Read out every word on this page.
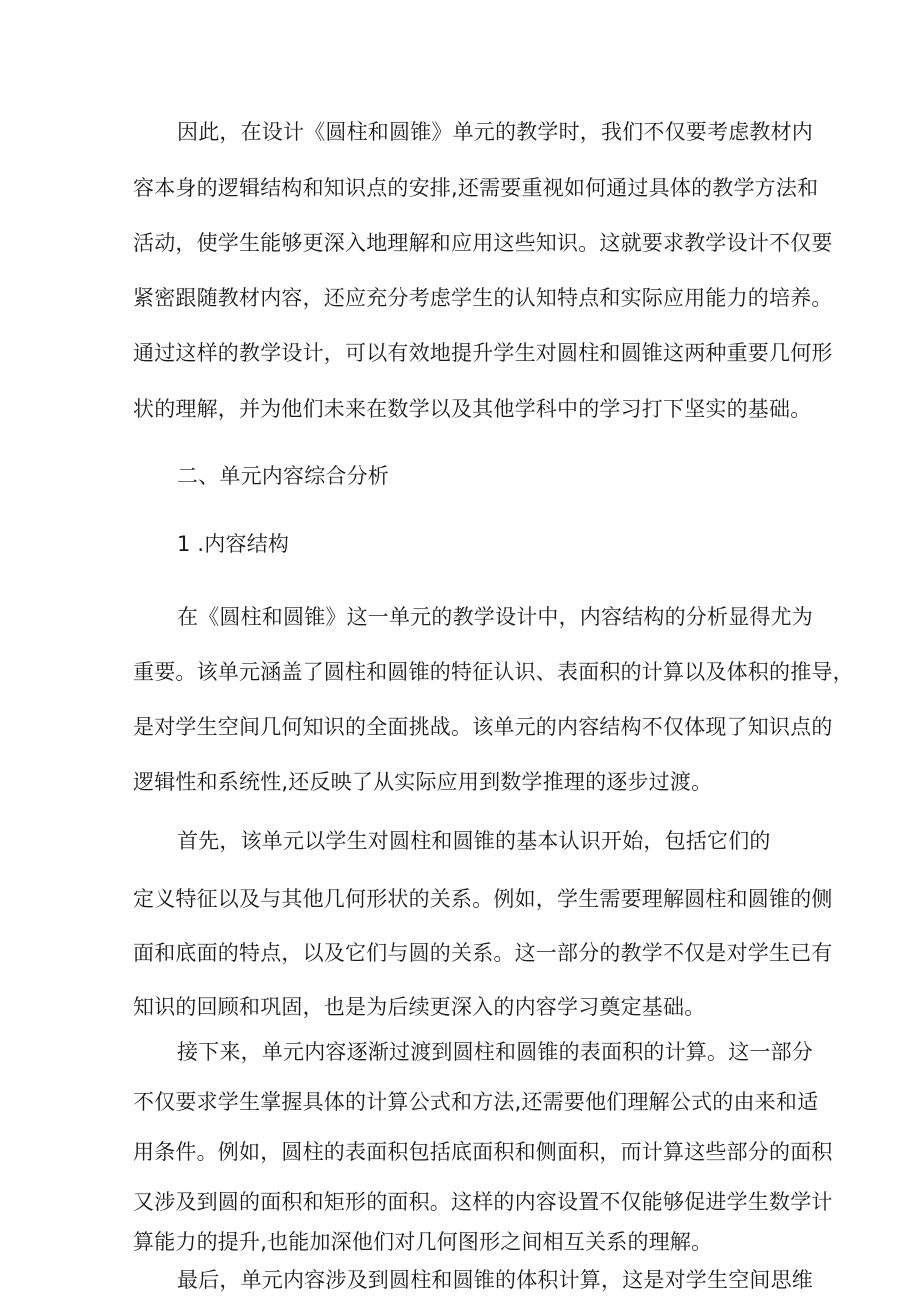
因此，在设计《圆柱和圆锥》单元的教学时，我们不仅要考虑教材内
容本身的逻辑结构和知识点的安排,还需要重视如何通过具体的教学方法和
活动，使学生能够更深入地理解和应用这些知识。这就要求教学设计不仅要
紧密跟随教材内容，还应充分考虑学生的认知特点和实际应用能力的培养。
通过这样的教学设计，可以有效地提升学生对圆柱和圆锥这两种重要几何形
状的理解，并为他们未来在数学以及其他学科中的学习打下坚实的基础。
二、单元内容综合分析
1 .内容结构
在《圆柱和圆锥》这一单元的教学设计中，内容结构的分析显得尤为
重要。该单元涵盖了圆柱和圆锥的特征认识、表面积的计算以及体积的推导，
是对学生空间几何知识的全面挑战。该单元的内容结构不仅体现了知识点的
逻辑性和系统性,还反映了从实际应用到数学推理的逐步过渡。
首先，该单元以学生对圆柱和圆锥的基本认识开始，包括它们的
定义特征以及与其他几何形状的关系。例如，学生需要理解圆柱和圆锥的侧
面和底面的特点，以及它们与圆的关系。这一部分的教学不仅是对学生已有
知识的回顾和巩固，也是为后续更深入的内容学习奠定基础。
接下来，单元内容逐渐过渡到圆柱和圆锥的表面积的计算。这一部分
不仅要求学生掌握具体的计算公式和方法,还需要他们理解公式的由来和适
用条件。例如，圆柱的表面积包括底面积和侧面积，而计算这些部分的面积
又涉及到圆的面积和矩形的面积。这样的内容设置不仅能够促进学生数学计
算能力的提升,也能加深他们对几何图形之间相互关系的理解。
最后，单元内容涉及到圆柱和圆锥的体积计算，这是对学生空间思维
